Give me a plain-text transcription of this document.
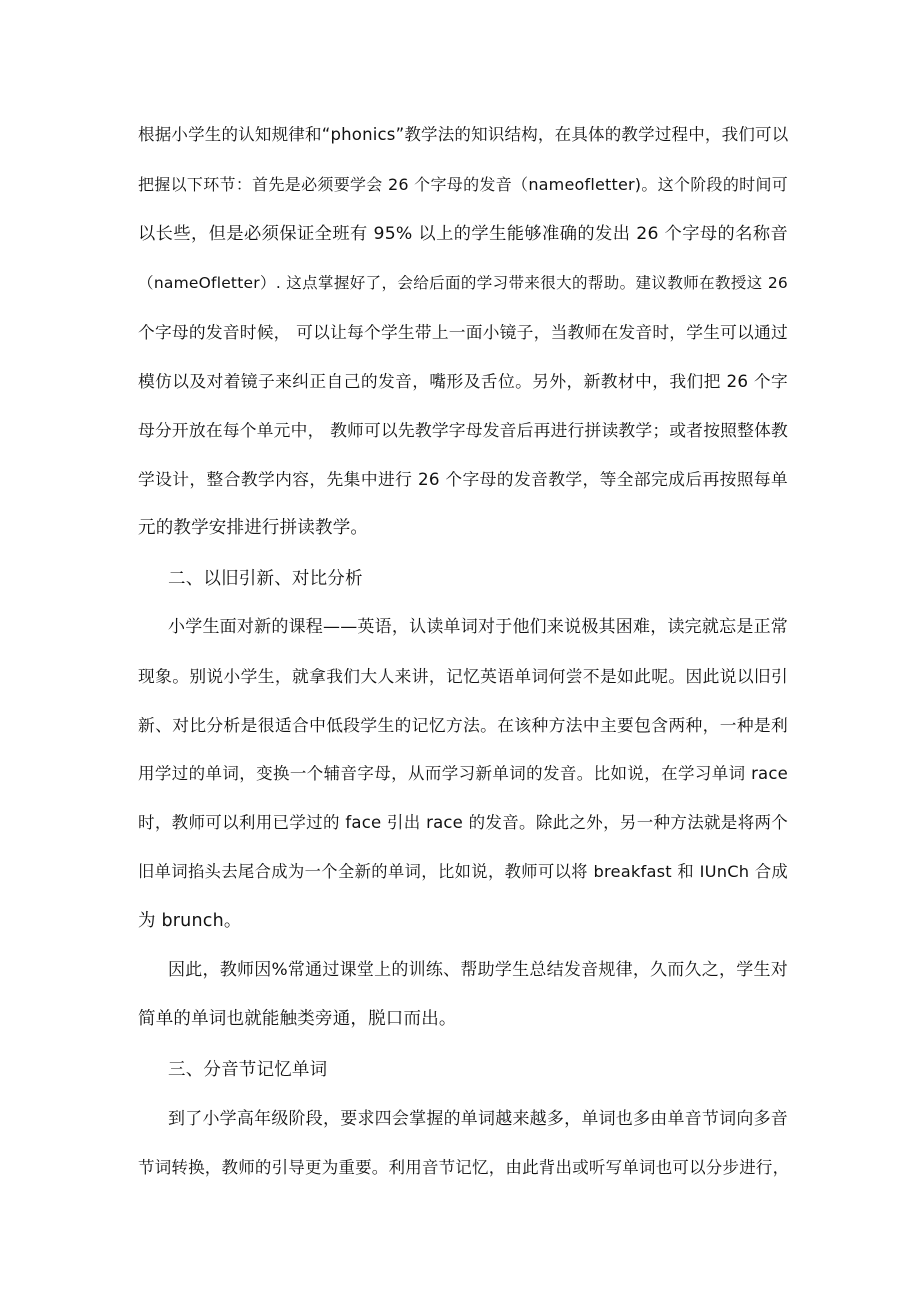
根据小学生的认知规律和“phonics”教学法的知识结构，在具体的教学过程中，我们可以
把握以下环节：首先是必须要学会 26 个字母的发音（nameofletter)。这个阶段的时间可
以长些，但是必须保证全班有 95% 以上的学生能够准确的发出 26 个字母的名称音
（nameOfletter）. 这点掌握好了，会给后面的学习带来很大的帮助。建议教师在教授这 26
个字母的发音时候， 可以让每个学生带上一面小镜子，当教师在发音时，学生可以通过
模仿以及对着镜子来纠正自己的发音，嘴形及舌位。另外，新教材中，我们把 26 个字
母分开放在每个单元中， 教师可以先教学字母发音后再进行拼读教学；或者按照整体教
学设计，整合教学内容，先集中进行 26 个字母的发音教学，等全部完成后再按照每单
元的教学安排进行拼读教学。
二、以旧引新、对比分析
小学生面对新的课程——英语，认读单词对于他们来说极其困难，读完就忘是正常
现象。别说小学生，就拿我们大人来讲，记忆英语单词何尝不是如此呢。因此说以旧引
新、对比分析是很适合中低段学生的记忆方法。在该种方法中主要包含两种，一种是利
用学过的单词，变换一个辅音字母，从而学习新单词的发音。比如说，在学习单词 race
时，教师可以利用已学过的 face 引出 race 的发音。除此之外，另一种方法就是将两个
旧单词掐头去尾合成为一个全新的单词，比如说，教师可以将 breakfast 和 IUnCh 合成
为 brunch。
因此，教师因%常通过课堂上的训练、帮助学生总结发音规律，久而久之，学生对
简单的单词也就能触类旁通，脱口而出。
三、分音节记忆单词
到了小学高年级阶段，要求四会掌握的单词越来越多，单词也多由单音节词向多音
节词转换，教师的引导更为重要。利用音节记忆，由此背出或听写单词也可以分步进行，
